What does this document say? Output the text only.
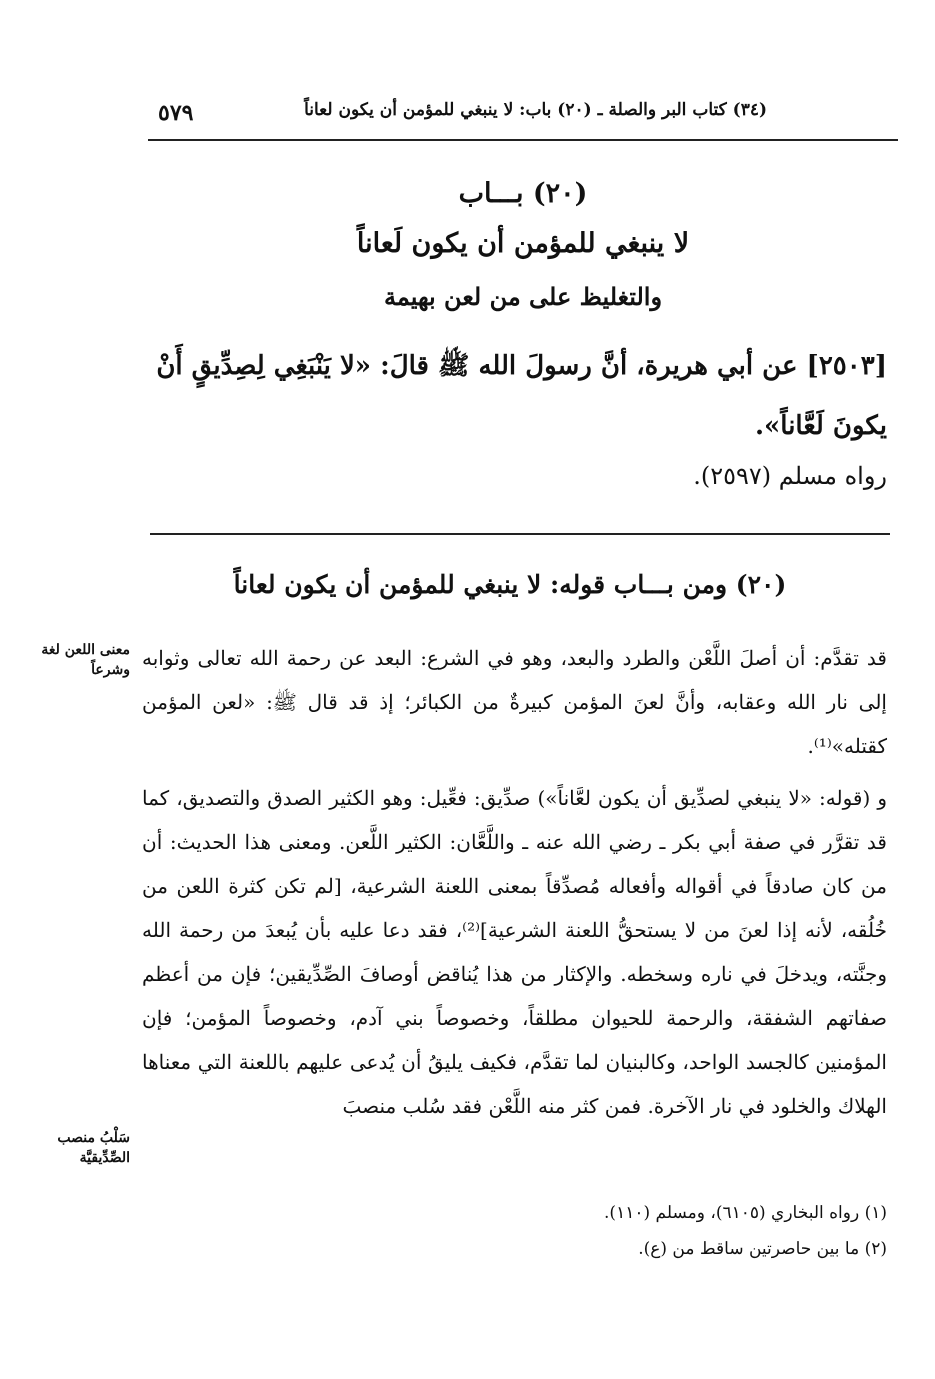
٥٧٩	(٣٤) كتاب البر والصلة ـ (٢٠) باب: لا ينبغي للمؤمن أن يكون لعاناً
(٢٠) بـــاب
لا ينبغي للمؤمن أن يكون لَعاناً
والتغليظ على من لعن بهيمة
[٢٥٠٣] عن أبي هريرة، أنَّ رسولَ الله ﷺ قالَ: «لا يَنْبَغِي لِصِدِّيقٍ أَنْ يكونَ لَعَّاناً».
رواه مسلم (٢٥٩٧).
(٢٠) ومن بـــاب قوله: لا ينبغي للمؤمن أن يكون لعاناً
قد تقدَّم: أن أصلَ اللَّعْن والطرد والبعد، وهو في الشرع: البعد عن رحمة الله تعالى وثوابه إلى نار الله وعقابه، وأنَّ لعنَ المؤمن كبيرةٌ من الكبائر؛ إذ قد قال ﷺ: «لعن المؤمن كقتله»⁽¹⁾.
و (قوله: «لا ينبغي لصدِّيق أن يكون لعَّاناً») صدِّيق: فعِّيل: وهو الكثير الصدق والتصديق، كما قد تقرَّر في صفة أبي بكر ـ رضي الله عنه ـ واللَّعَّان: الكثير اللَّعن. ومعنى هذا الحديث: أن من كان صادقاً في أقواله وأفعاله مُصدِّقاً بمعنى اللعنة الشرعية، [لم تكن كثرة اللعن من خُلُقه، لأنه إذا لعنَ من لا يستحقُّ اللعنة الشرعية]⁽²⁾، فقد دعا عليه بأن يُبعدَ من رحمة الله وجنَّته، ويدخلَ في ناره وسخطه. والإكثار من هذا يُناقض أوصافَ الصِّدِّيقين؛ فإن من أعظم صفاتهم الشفقة، والرحمة للحيوان مطلقاً، وخصوصاً بني آدم، وخصوصاً المؤمن؛ فإن المؤمنين كالجسد الواحد، وكالبنيان لما تقدَّم، فكيف يليقُ أن يُدعى عليهم باللعنة التي معناها الهلاك والخلود في نار الآخرة. فمن كثر منه اللَّعْن فقد سُلب منصبَ
معنى اللعن لغة وشرعاً
سَلْبُ منصب الصِّدِّيقيَّة
(١) رواه البخاري (٦١٠٥)، ومسلم (١١٠).
(٢) ما بين حاصرتين ساقط من (ع).
